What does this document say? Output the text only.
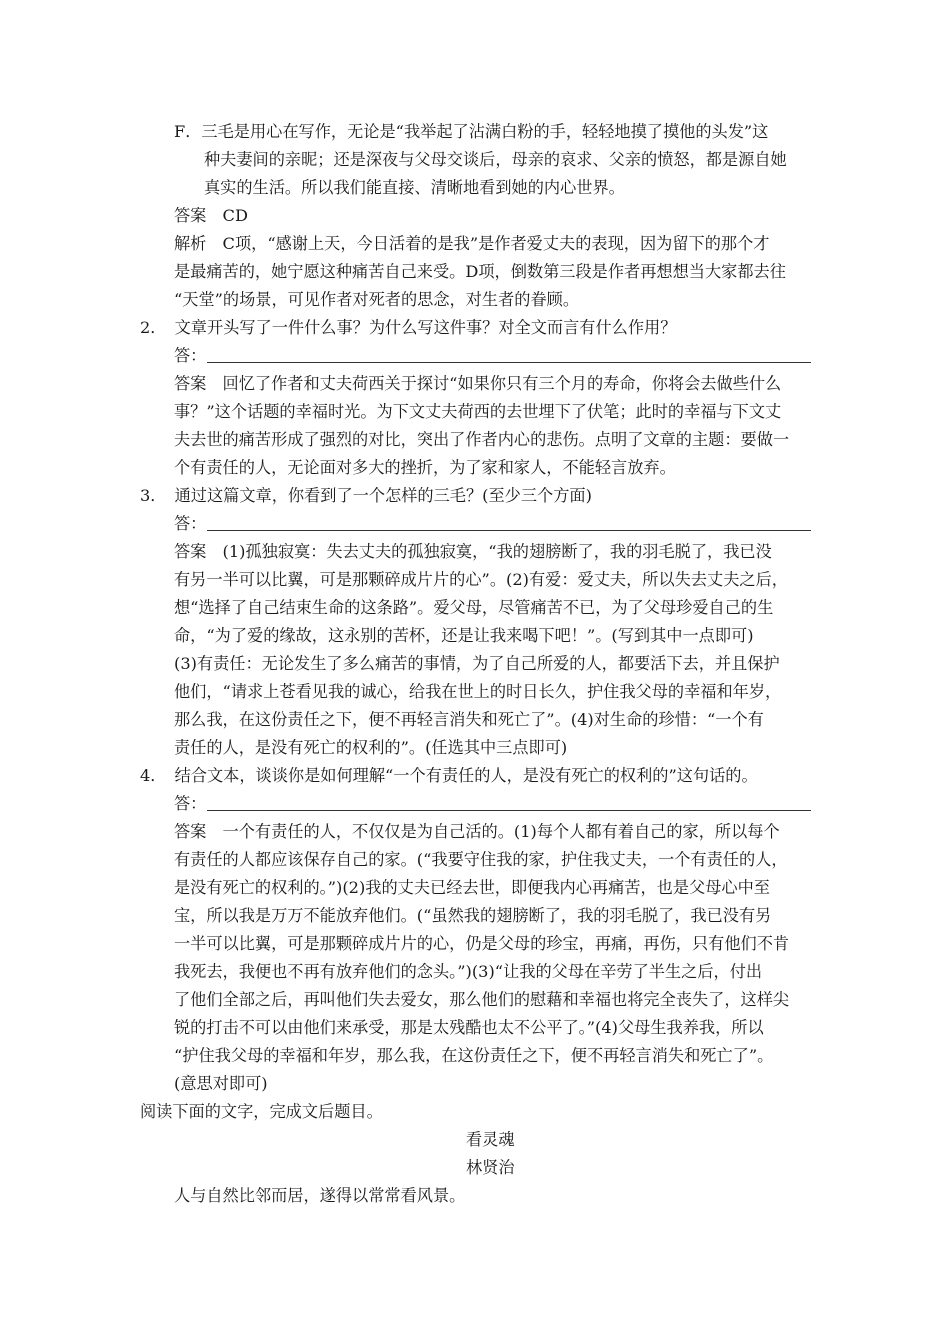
F．三毛是用心在写作，无论是“我举起了沾满白粉的手，轻轻地摸了摸他的头发”这
种夫妻间的亲昵；还是深夜与父母交谈后，母亲的哀求、父亲的愤怒，都是源自她
真实的生活。所以我们能直接、清晰地看到她的内心世界。
答案　CD
解析　C项，“感谢上天，今日活着的是我”是作者爱丈夫的表现，因为留下的那个才
是最痛苦的，她宁愿这种痛苦自己来受。D项，倒数第三段是作者再想想当大家都去往
“天堂”的场景，可见作者对死者的思念，对生者的眷顾。
2．　文章开头写了一件什么事？为什么写这件事？对全文而言有什么作用？
答：
答案　回忆了作者和丈夫荷西关于探讨“如果你只有三个月的寿命，你将会去做些什么
事？”这个话题的幸福时光。为下文丈夫荷西的去世埋下了伏笔；此时的幸福与下文丈
夫去世的痛苦形成了强烈的对比，突出了作者内心的悲伤。点明了文章的主题：要做一
个有责任的人，无论面对多大的挫折，为了家和家人，不能轻言放弃。
3．　通过这篇文章，你看到了一个怎样的三毛？(至少三个方面)
答：
答案　(1)孤独寂寞：失去丈夫的孤独寂寞，“我的翅膀断了，我的羽毛脱了，我已没
有另一半可以比翼，可是那颗碎成片片的心”。(2)有爱：爱丈夫，所以失去丈夫之后，
想“选择了自己结束生命的这条路”。爱父母，尽管痛苦不已，为了父母珍爱自己的生
命，“为了爱的缘故，这永别的苦杯，还是让我来喝下吧！”。(写到其中一点即可)
(3)有责任：无论发生了多么痛苦的事情，为了自己所爱的人，都要活下去，并且保护
他们，“请求上苍看见我的诚心，给我在世上的时日长久，护住我父母的幸福和年岁，
那么我，在这份责任之下，便不再轻言消失和死亡了”。(4)对生命的珍惜：“一个有
责任的人，是没有死亡的权利的”。(任选其中三点即可)
4．　结合文本，谈谈你是如何理解“一个有责任的人，是没有死亡的权利的”这句话的。
答：
答案　一个有责任的人，不仅仅是为自己活的。(1)每个人都有着自己的家，所以每个
有责任的人都应该保存自己的家。(“我要守住我的家，护住我丈夫，一个有责任的人，
是没有死亡的权利的。”)(2)我的丈夫已经去世，即便我内心再痛苦，也是父母心中至
宝，所以我是万万不能放弃他们。(“虽然我的翅膀断了，我的羽毛脱了，我已没有另
一半可以比翼，可是那颗碎成片片的心，仍是父母的珍宝，再痛，再伤，只有他们不肯
我死去，我便也不再有放弃他们的念头。”)(3)“让我的父母在辛劳了半生之后，付出
了他们全部之后，再叫他们失去爱女，那么他们的慰藉和幸福也将完全丧失了，这样尖
锐的打击不可以由他们来承受，那是太残酷也太不公平了。”(4)父母生我养我，所以
“护住我父母的幸福和年岁，那么我，在这份责任之下，便不再轻言消失和死亡了”。
(意思对即可)
阅读下面的文字，完成文后题目。
看灵魂
林贤治
人与自然比邻而居，遂得以常常看风景。
